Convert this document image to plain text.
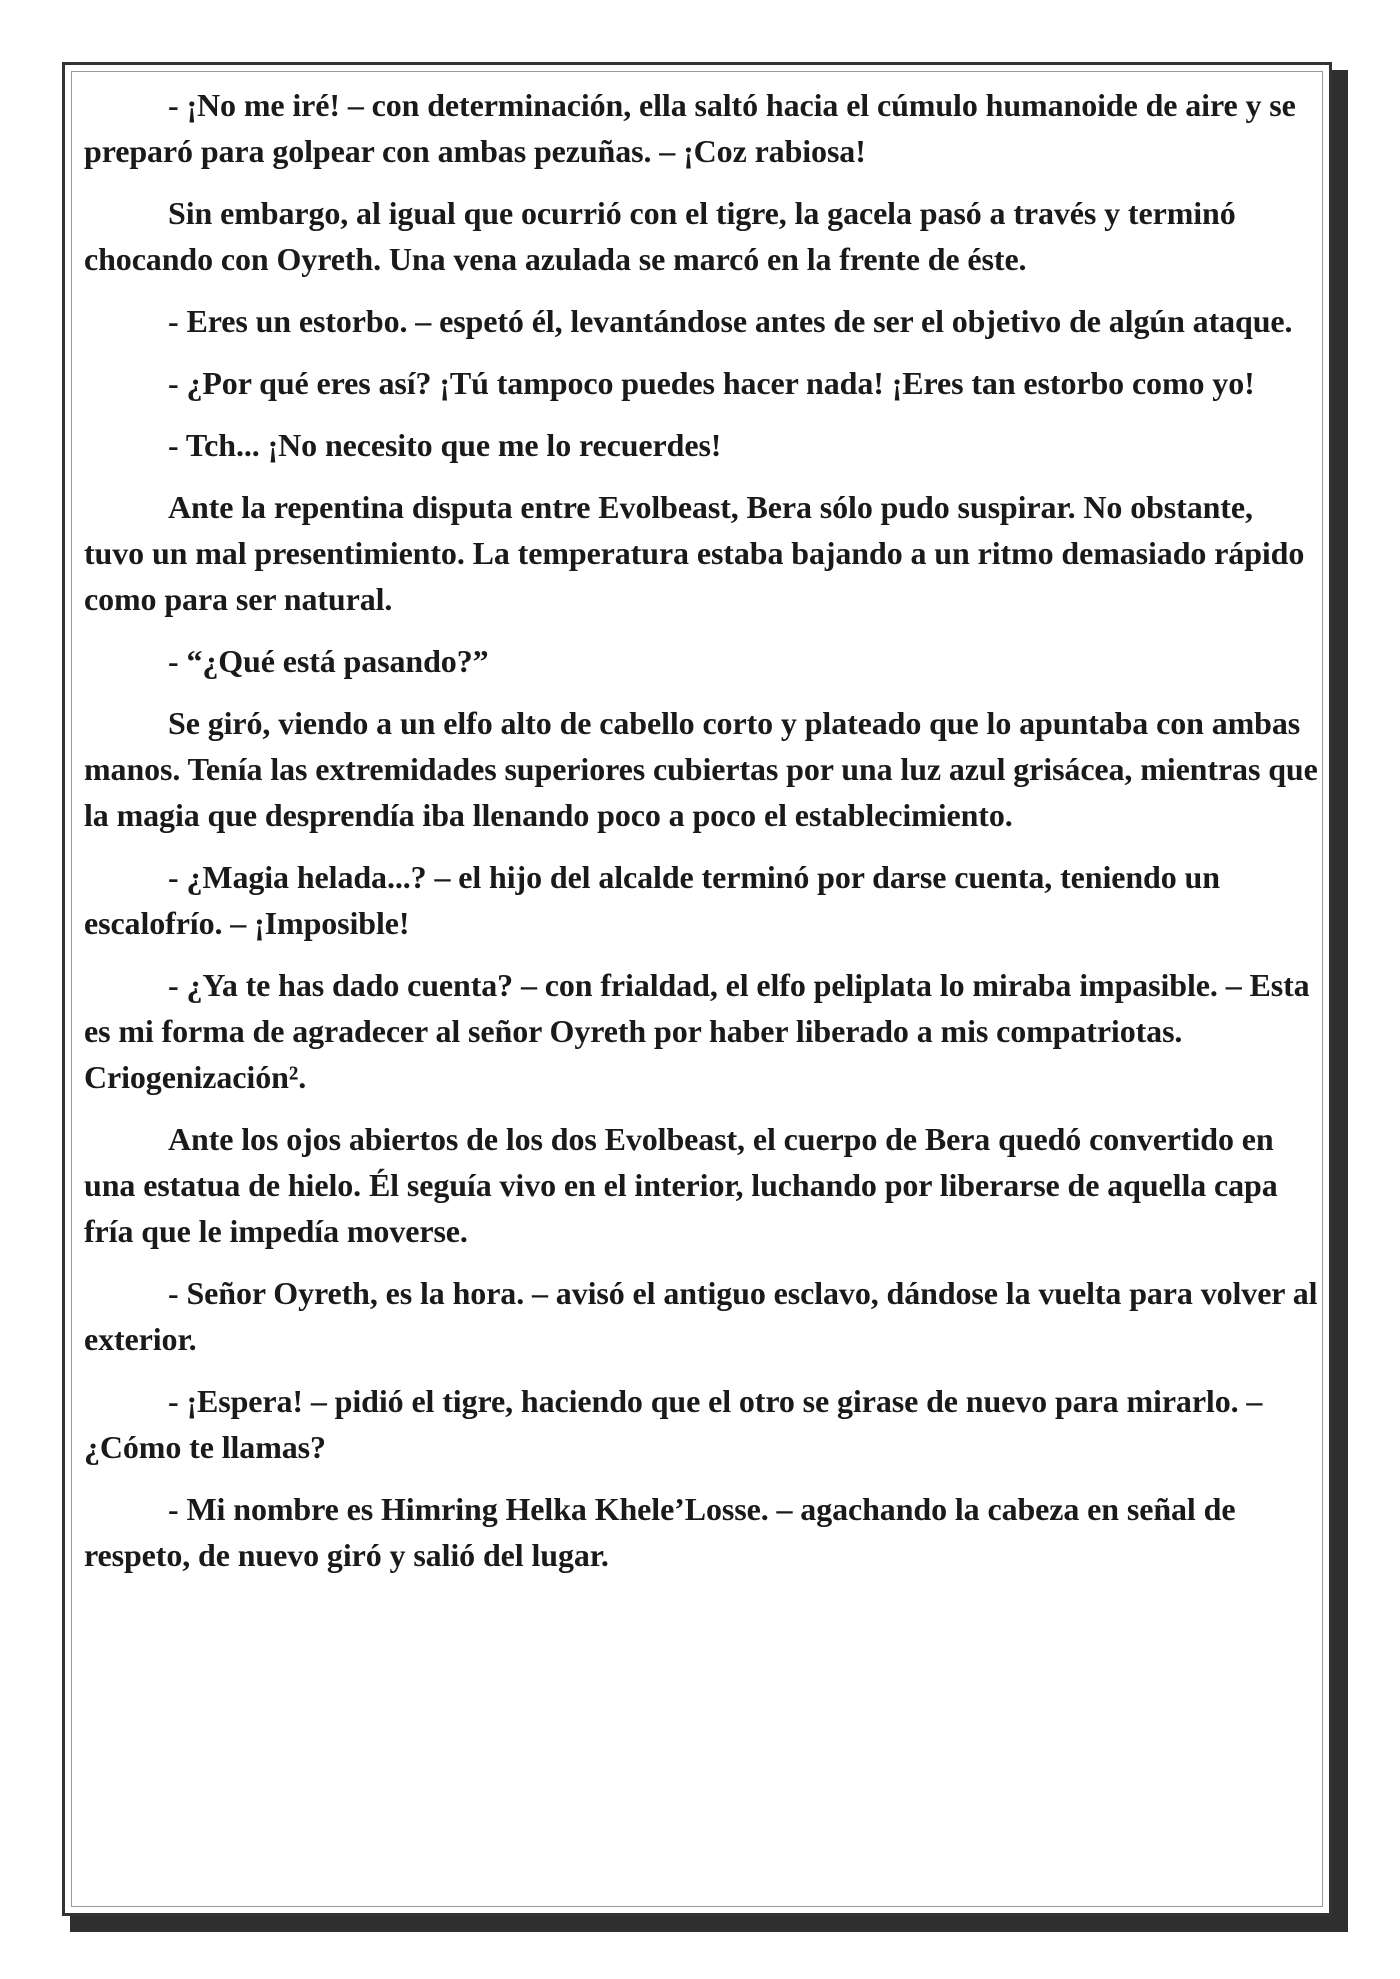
- ¡No me iré! – con determinación, ella saltó hacia el cúmulo humanoide de aire y se preparó para golpear con ambas pezuñas. – ¡Coz rabiosa!

Sin embargo, al igual que ocurrió con el tigre, la gacela pasó a través y terminó chocando con Oyreth. Una vena azulada se marcó en la frente de éste.

- Eres un estorbo. – espetó él, levantándose antes de ser el objetivo de algún ataque.

- ¿Por qué eres así? ¡Tú tampoco puedes hacer nada! ¡Eres tan estorbo como yo!

- Tch... ¡No necesito que me lo recuerdes!

Ante la repentina disputa entre Evolbeast, Bera sólo pudo suspirar. No obstante, tuvo un mal presentimiento. La temperatura estaba bajando a un ritmo demasiado rápido como para ser natural.

- “¿Qué está pasando?”

Se giró, viendo a un elfo alto de cabello corto y plateado que lo apuntaba con ambas manos. Tenía las extremidades superiores cubiertas por una luz azul grisácea, mientras que la magia que desprendía iba llenando poco a poco el establecimiento.

- ¿Magia helada...? – el hijo del alcalde terminó por darse cuenta, teniendo un escalofrío. – ¡Imposible!

- ¿Ya te has dado cuenta? – con frialdad, el elfo peliplata lo miraba impasible. – Esta es mi forma de agradecer al señor Oyreth por haber liberado a mis compatriotas. Criogenización².

Ante los ojos abiertos de los dos Evolbeast, el cuerpo de Bera quedó convertido en una estatua de hielo. Él seguía vivo en el interior, luchando por liberarse de aquella capa fría que le impedía moverse.

- Señor Oyreth, es la hora. – avisó el antiguo esclavo, dándose la vuelta para volver al exterior.

- ¡Espera! – pidió el tigre, haciendo que el otro se girase de nuevo para mirarlo. – ¿Cómo te llamas?

- Mi nombre es Himring Helka Khele’Losse. – agachando la cabeza en señal de respeto, de nuevo giró y salió del lugar.
